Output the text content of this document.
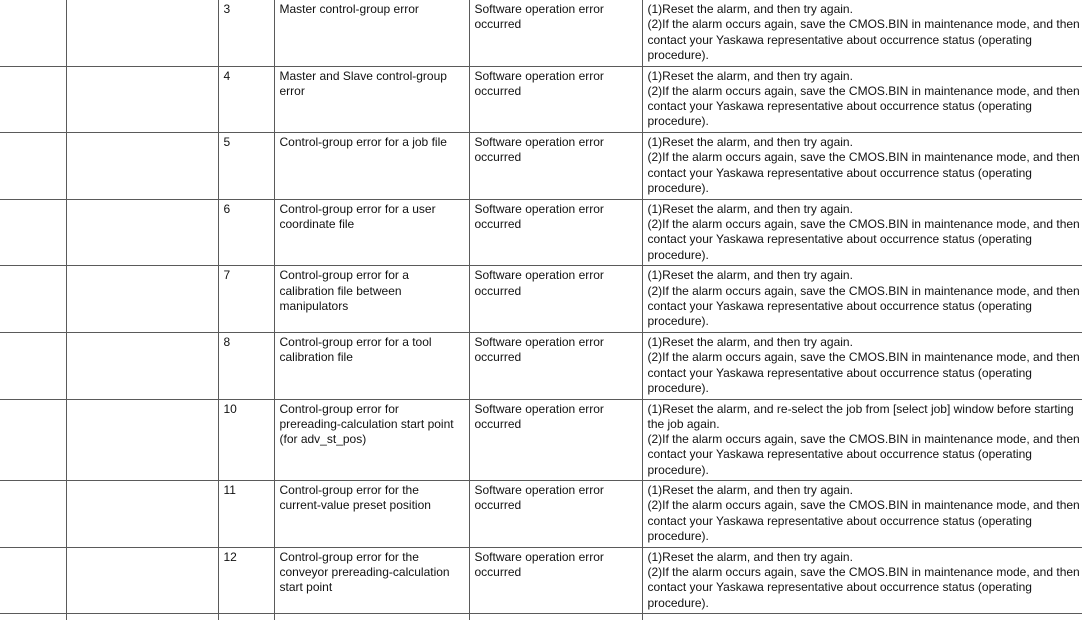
		3	Master control-group error	Software operation error occurred	(1)Reset the alarm, and then try again.
(2)If the alarm occurs again, save the CMOS.BIN in maintenance mode, and then contact your Yaskawa representative about occurrence status (operating procedure).

		4	Master and Slave control-group error	Software operation error occurred	(1)Reset the alarm, and then try again.
(2)If the alarm occurs again, save the CMOS.BIN in maintenance mode, and then contact your Yaskawa representative about occurrence status (operating procedure).

		5	Control-group error for a job file	Software operation error occurred	(1)Reset the alarm, and then try again.
(2)If the alarm occurs again, save the CMOS.BIN in maintenance mode, and then contact your Yaskawa representative about occurrence status (operating procedure).

		6	Control-group error for a user coordinate file	Software operation error occurred	(1)Reset the alarm, and then try again.
(2)If the alarm occurs again, save the CMOS.BIN in maintenance mode, and then contact your Yaskawa representative about occurrence status (operating procedure).

		7	Control-group error for a calibration file between manipulators	Software operation error occurred	(1)Reset the alarm, and then try again.
(2)If the alarm occurs again, save the CMOS.BIN in maintenance mode, and then contact your Yaskawa representative about occurrence status (operating procedure).

		8	Control-group error for a tool calibration file	Software operation error occurred	(1)Reset the alarm, and then try again.
(2)If the alarm occurs again, save the CMOS.BIN in maintenance mode, and then contact your Yaskawa representative about occurrence status (operating procedure).

		10	Control-group error for prereading-calculation start point (for adv_st_pos)	Software operation error occurred	(1)Reset the alarm, and re-select the job from [select job] window before starting the job again.
(2)If the alarm occurs again, save the CMOS.BIN in maintenance mode, and then contact your Yaskawa representative about occurrence status (operating procedure).

		11	Control-group error for the current-value preset position	Software operation error occurred	(1)Reset the alarm, and then try again.
(2)If the alarm occurs again, save the CMOS.BIN in maintenance mode, and then contact your Yaskawa representative about occurrence status (operating procedure).

		12	Control-group error for the conveyor prereading-calculation start point	Software operation error occurred	(1)Reset the alarm, and then try again.
(2)If the alarm occurs again, save the CMOS.BIN in maintenance mode, and then contact your Yaskawa representative about occurrence status (operating procedure).
